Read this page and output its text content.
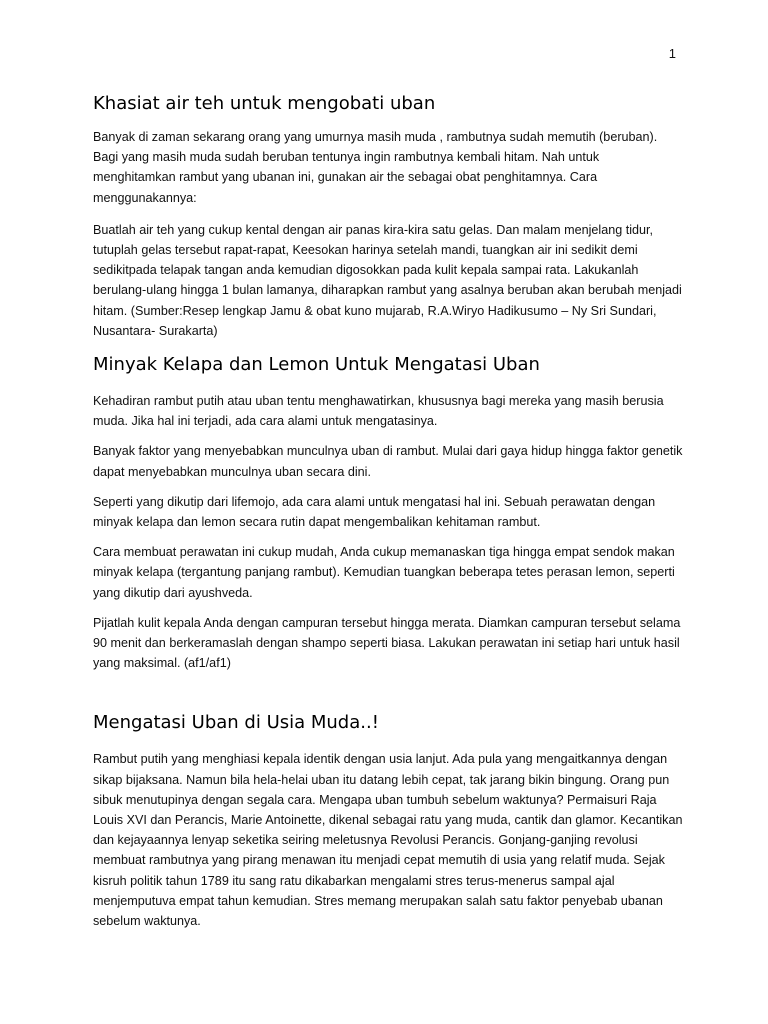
1
Khasiat air teh untuk mengobati uban

Banyak di zaman sekarang orang yang umurnya masih muda , rambutnya sudah memutih (beruban). Bagi yang masih muda sudah beruban tentunya ingin rambutnya kembali hitam. Nah untuk menghitamkan rambut yang ubanan ini, gunakan air the sebagai obat penghitamnya. Cara menggunakannya:

Buatlah air teh yang cukup kental dengan air panas kira-kira satu gelas. Dan malam menjelang tidur, tutuplah gelas tersebut rapat-rapat, Keesokan harinya setelah mandi, tuangkan air ini sedikit demi sedikitpada telapak tangan anda kemudian digosokkan pada kulit kepala sampai rata. Lakukanlah berulang-ulang hingga 1 bulan lamanya, diharapkan rambut yang asalnya beruban akan berubah menjadi hitam. (Sumber:Resep lengkap Jamu & obat kuno mujarab, R.A.Wiryo Hadikusumo – Ny Sri Sundari, Nusantara- Surakarta)

Minyak Kelapa dan Lemon Untuk Mengatasi Uban

Kehadiran rambut putih atau uban tentu menghawatirkan, khususnya bagi mereka yang masih berusia muda. Jika hal ini terjadi, ada cara alami untuk mengatasinya.

Banyak faktor yang menyebabkan munculnya uban di rambut. Mulai dari gaya hidup hingga faktor genetik dapat menyebabkan munculnya uban secara dini.

Seperti yang dikutip dari lifemojo, ada cara alami untuk mengatasi hal ini. Sebuah perawatan dengan minyak kelapa dan lemon secara rutin dapat mengembalikan kehitaman rambut.

Cara membuat perawatan ini cukup mudah, Anda cukup memanaskan tiga hingga empat sendok makan minyak kelapa (tergantung panjang rambut). Kemudian tuangkan beberapa tetes perasan lemon, seperti yang dikutip dari ayushveda.

Pijatlah kulit kepala Anda dengan campuran tersebut hingga merata. Diamkan campuran tersebut selama 90 menit dan berkeramaslah dengan shampo seperti biasa. Lakukan perawatan ini setiap hari untuk hasil yang maksimal. (af1/af1)

Mengatasi Uban di Usia Muda..!

Rambut putih yang menghiasi kepala identik dengan usia lanjut. Ada pula yang mengaitkannya dengan sikap bijaksana. Namun bila hela-helai uban itu datang lebih cepat, tak jarang bikin bingung. Orang pun sibuk menutupinya dengan segala cara. Mengapa uban tumbuh sebelum waktunya? Permaisuri Raja Louis XVI dan Perancis, Marie Antoinette, dikenal sebagai ratu yang muda, cantik dan glamor. Kecantikan dan kejayaannya lenyap seketika seiring meletusnya Revolusi Perancis. Gonjang-ganjing revolusi membuat rambutnya yang pirang menawan itu menjadi cepat memutih di usia yang relatif muda. Sejak kisruh politik tahun 1789 itu sang ratu dikabarkan mengalami stres terus-menerus sampal ajal menjemputuva empat tahun kemudian. Stres memang merupakan salah satu faktor penyebab ubanan sebelum waktunya.
